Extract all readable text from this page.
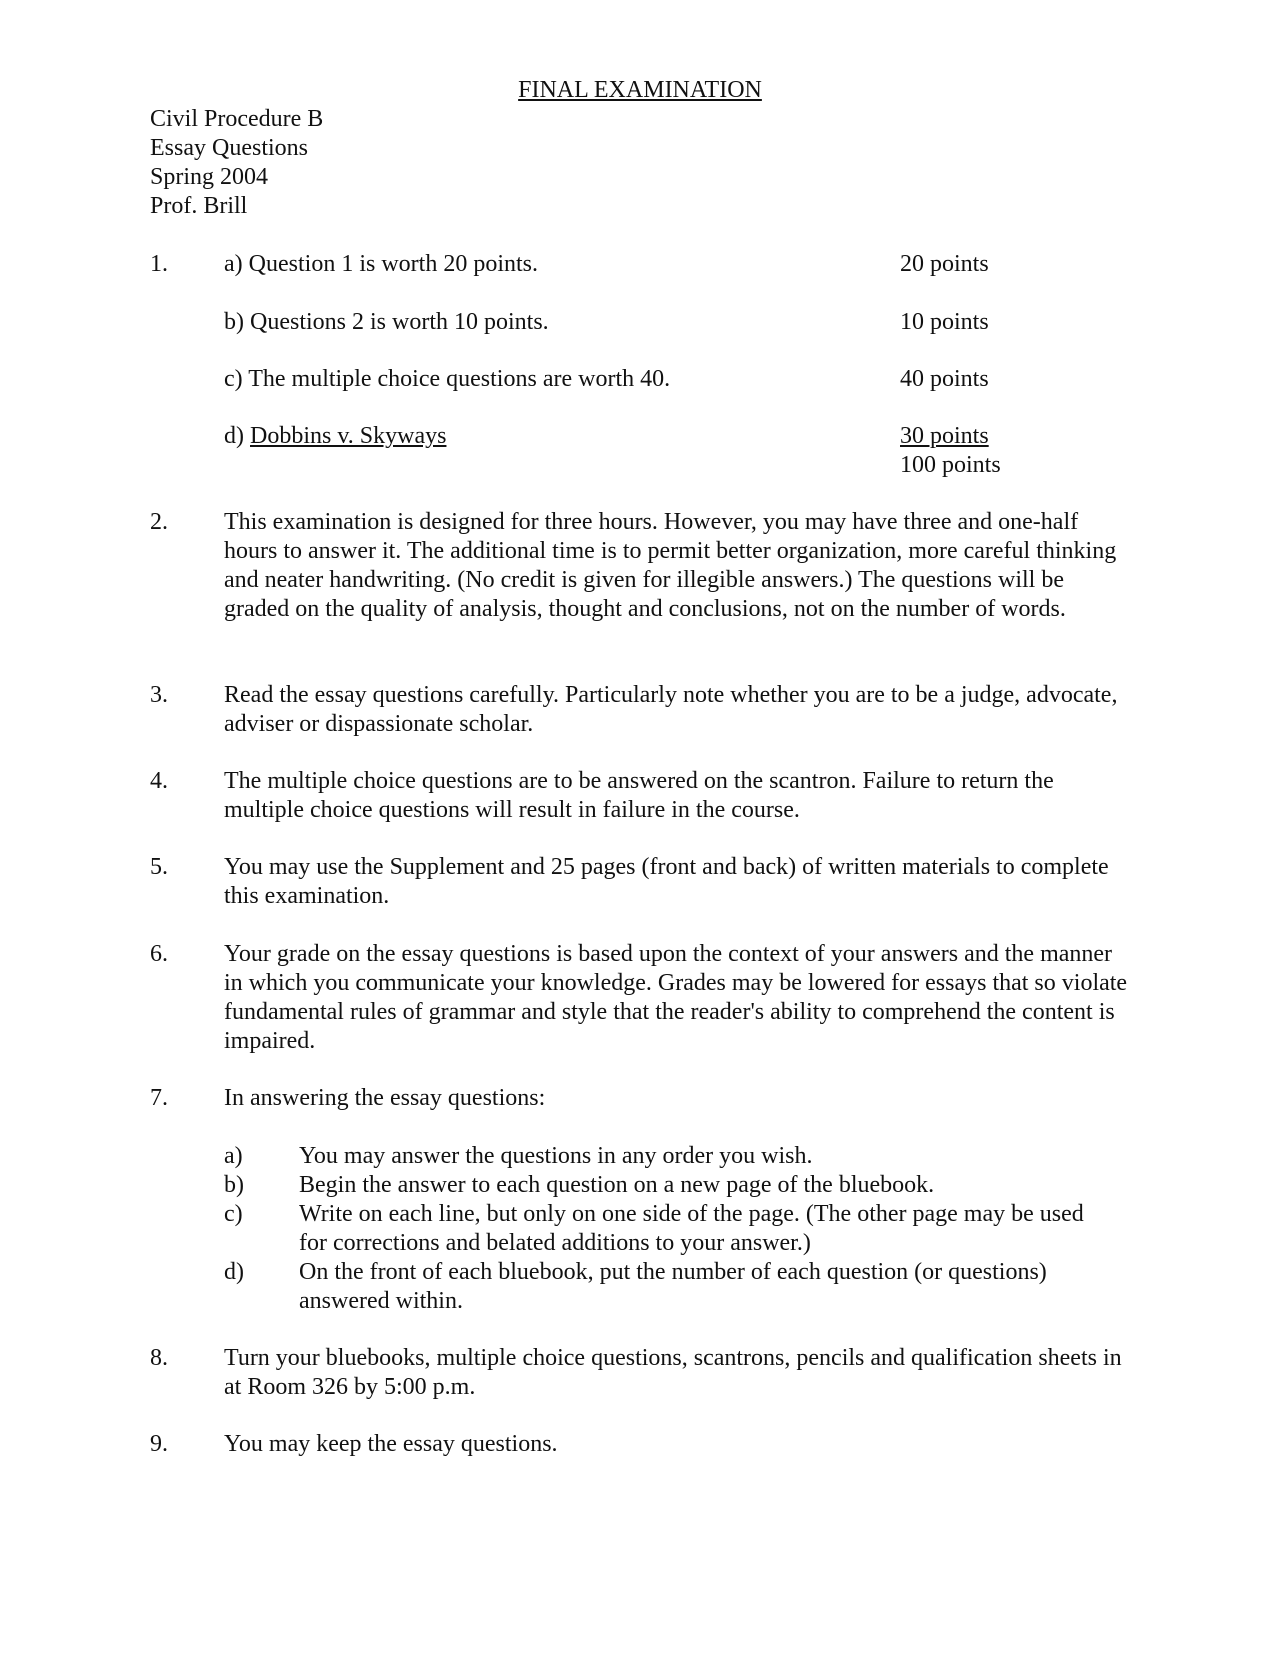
FINAL EXAMINATION
Civil Procedure B
Essay Questions
Spring 2004
Prof. Brill
1. a) Question 1 is worth 20 points.	20 points
b) Questions 2 is worth 10 points.	10 points
c) The multiple choice questions are worth 40.	40 points
d) Dobbins v. Skyways	30 points
100 points
2. This examination is designed for three hours. However, you may have three and one-half hours to answer it. The additional time is to permit better organization, more careful thinking and neater handwriting. (No credit is given for illegible answers.) The questions will be graded on the quality of analysis, thought and conclusions, not on the number of words.
3. Read the essay questions carefully. Particularly note whether you are to be a judge, advocate, adviser or dispassionate scholar.
4. The multiple choice questions are to be answered on the scantron. Failure to return the multiple choice questions will result in failure in the course.
5. You may use the Supplement and 25 pages (front and back) of written materials to complete this examination.
6. Your grade on the essay questions is based upon the context of your answers and the manner in which you communicate your knowledge. Grades may be lowered for essays that so violate fundamental rules of grammar and style that the reader's ability to comprehend the content is impaired.
7. In answering the essay questions:
a) You may answer the questions in any order you wish.
b) Begin the answer to each question on a new page of the bluebook.
c) Write on each line, but only on one side of the page. (The other page may be used for corrections and belated additions to your answer.)
d) On the front of each bluebook, put the number of each question (or questions) answered within.
8. Turn your bluebooks, multiple choice questions, scantrons, pencils and qualification sheets in at Room 326 by 5:00 p.m.
9. You may keep the essay questions.
